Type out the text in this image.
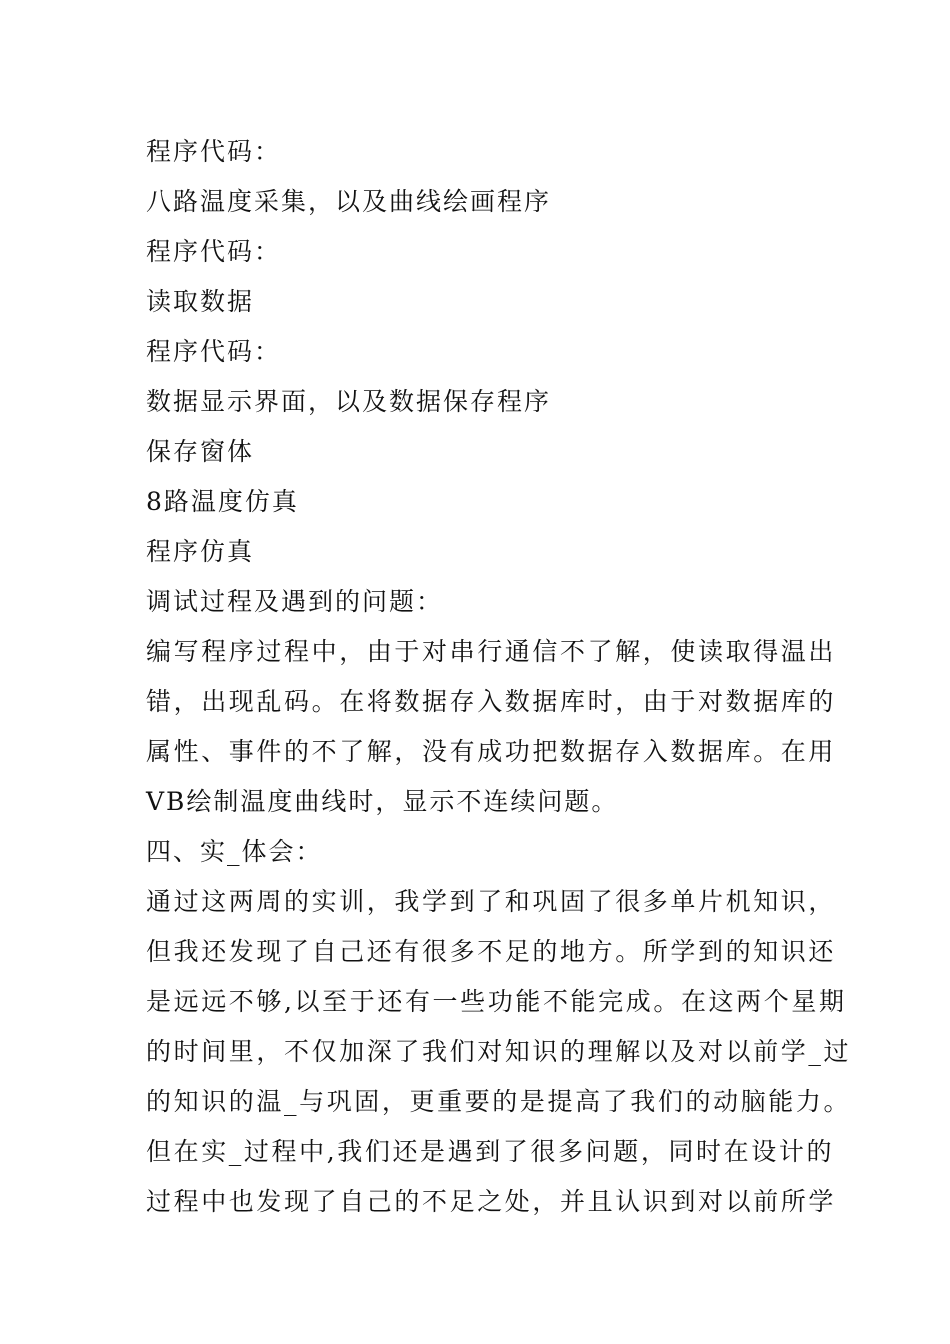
程序代码：
八路温度采集，以及曲线绘画程序
程序代码：
读取数据
程序代码：
数据显示界面，以及数据保存程序
保存窗体
8路温度仿真
程序仿真
调试过程及遇到的问题：
编写程序过程中，由于对串行通信不了解，使读取得温出
错，出现乱码。在将数据存入数据库时，由于对数据库的
属性、事件的不了解，没有成功把数据存入数据库。在用
VB绘制温度曲线时，显示不连续问题。
四、实_体会：
通过这两周的实训，我学到了和巩固了很多单片机知识，
但我还发现了自己还有很多不足的地方。所学到的知识还
是远远不够,以至于还有一些功能不能完成。在这两个星期
的时间里，不仅加深了我们对知识的理解以及对以前学_过
的知识的温_与巩固，更重要的是提高了我们的动脑能力。
但在实_过程中,我们还是遇到了很多问题，同时在设计的
过程中也发现了自己的不足之处，并且认识到对以前所学
